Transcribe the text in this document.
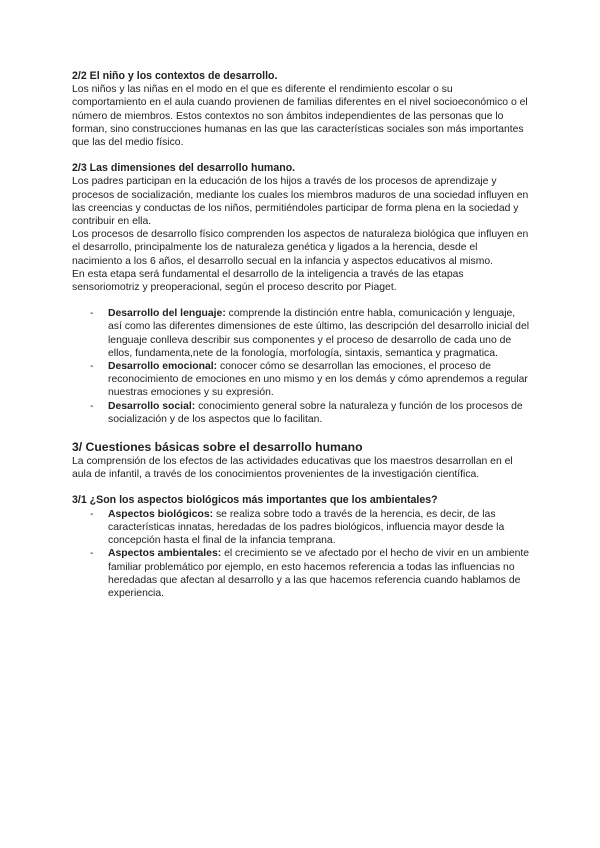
2/2 El niño y los contextos de desarrollo.

Los niños y las niñas en el modo en el que es diferente el rendimiento escolar o su comportamiento en el aula cuando provienen de familias diferentes en el nivel socioeconómico o el número de miembros. Estos contextos no son ámbitos independientes de las personas que lo forman, sino construcciones humanas en las que las características sociales son más importantes que las del medio físico.

2/3 Las dimensiones del desarrollo humano.

Los padres participan en la educación de los hijos a través de los procesos de aprendizaje y procesos de socialización, mediante los cuales los miembros maduros de una sociedad influyen en las creencias y conductas de los niños, permitiéndoles participar de forma plena en la sociedad y contribuir en ella.

Los procesos de desarrollo físico comprenden los aspectos de naturaleza biológica que influyen en el desarrollo, principalmente los de naturaleza genética y ligados a la herencia, desde el nacimiento a los 6 años, el desarrollo secual en la infancia y aspectos educativos al mismo.

En esta etapa será fundamental el desarrollo de la inteligencia a través de las etapas sensoriomotriz y preoperacional, según el proceso descrito por Piaget.

- Desarrollo del lenguaje: comprende la distinción entre habla, comunicación y lenguaje, así como las diferentes dimensiones de este último, las descripción del desarrollo inicial del lenguaje conlleva describir sus componentes y el proceso de desarrollo de cada uno de ellos, fundamenta,nete de la fonología, morfología, sintaxis, semantica y pragmatica.
- Desarrollo emocional: conocer cómo se desarrollan las emociones, el proceso de reconocimiento de emociones en uno mismo y en los demás y cómo aprendemos a regular nuestras emociones y su expresión.
- Desarrollo social: conocimiento general sobre la naturaleza y función de los procesos de socialización y de los aspectos que lo facilitan.
3/ Cuestiones básicas sobre el desarrollo humano

La comprensión de los efectos de las actividades educativas que los maestros desarrollan en el aula de infantil, a través de los conocimientos provenientes de la investigación científica.

3/1 ¿Son los aspectos biológicos más importantes que los ambientales?
- Aspectos biológicos: se realiza sobre todo a través de la herencia, es decir, de las características innatas, heredadas de los padres biológicos, influencia mayor desde la concepción hasta el final de la infancia temprana.
- Aspectos ambientales: el crecimiento se ve afectado por el hecho de vivir en un ambiente familiar problemático por ejemplo, en esto hacemos referencia a todas las influencias no heredadas que afectan al desarrollo y a las que hacemos referencia cuando hablamos de experiencia.
